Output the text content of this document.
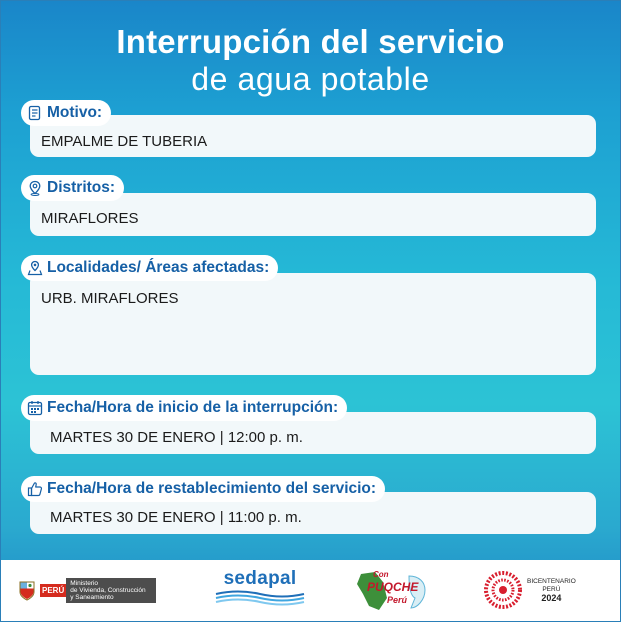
Interrupción del servicio
de agua potable
EMPALME DE TUBERIA
Motivo:
MIRAFLORES
Distritos:
URB. MIRAFLORES
Localidades/ Áreas afectadas:
MARTES 30 DE ENERO | 12:00 p. m.
Fecha/Hora de inicio de la interrupción:
MARTES 30 DE ENERO | 11:00 p. m.
Fecha/Hora de restablecimiento del servicio:
PERÚ
Ministerio
de Vivienda, Construcción
y Saneamiento
sedapal	Con
PUQCHE
Perú
BICENTENARIO
PERÚ
2024
